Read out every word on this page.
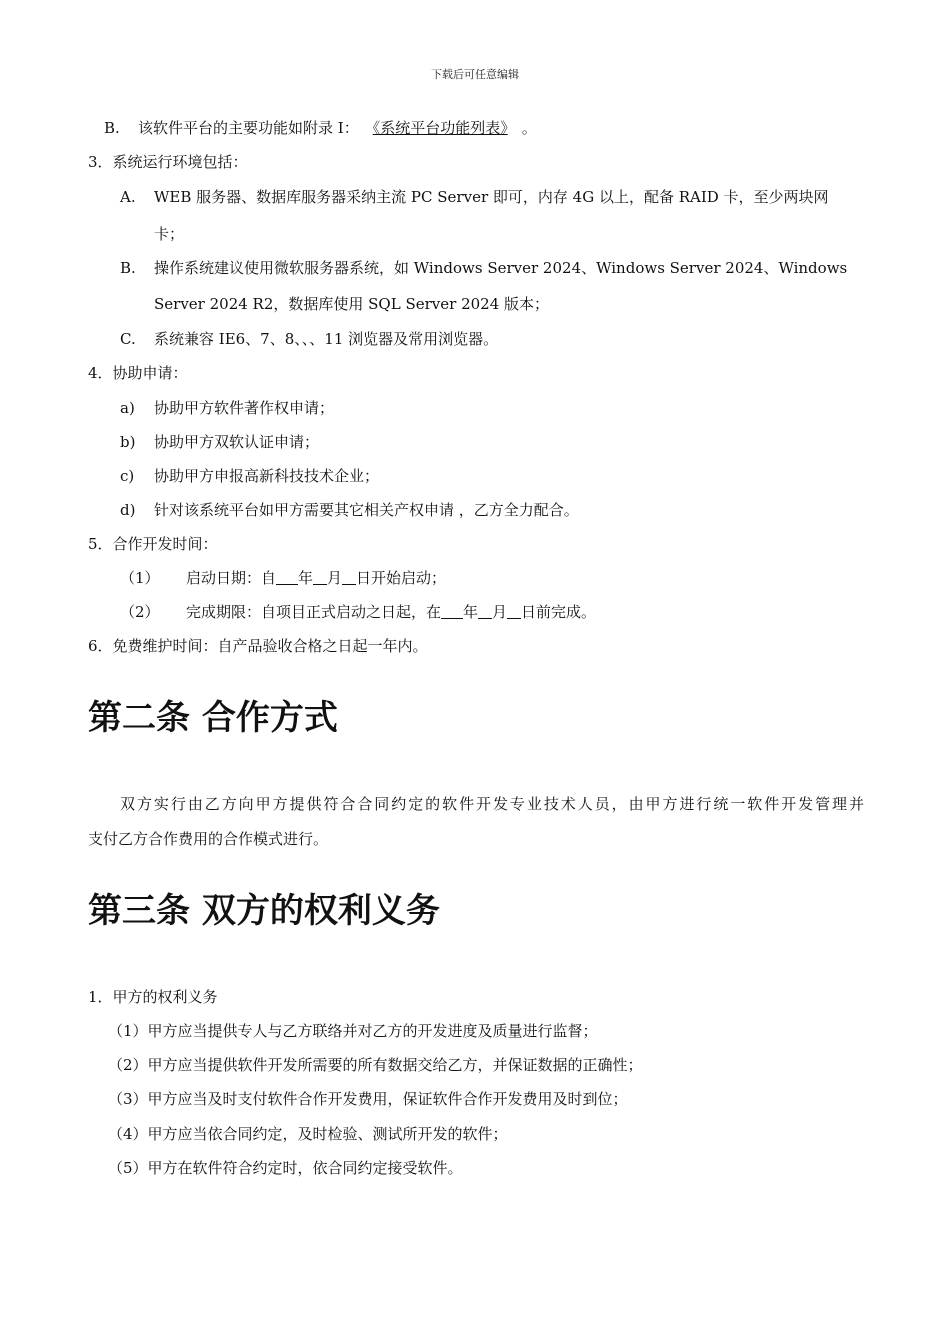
下载后可任意编辑
B. 该软件平台的主要功能如附录 I： 《系统平台功能列表》 。
3．系统运行环境包括：
A. WEB 服务器、数据库服务器采纳主流 PC Server 即可，内存 4G 以上，配备 RAID 卡，至少两块网
卡；
B. 操作系统建议使用微软服务器系统，如 Windows Server 2024、Windows Server 2024、Windows
Server 2024 R2，数据库使用 SQL Server 2024 版本；
C. 系统兼容 IE6、7、8、、、11 浏览器及常用浏览器。
4．协助申请：
a) 协助甲方软件著作权申请；
b) 协助甲方双软认证申请；
c) 协助甲方申报高新科技技术企业；
d) 针对该系统平台如甲方需要其它相关产权申请 ，乙方全力配合。
5．合作开发时间：
（1） 启动日期：自 年 月 日开始启动；
（2） 完成期限：自项目正式启动之日起，在 年 月 日前完成。
6．免费维护时间：自产品验收合格之日起一年内。
第二条 合作方式
双方实行由乙方向甲方提供符合合同约定的软件开发专业技术人员，由甲方进行统一软件开发管理并
支付乙方合作费用的合作模式进行。
第三条 双方的权利义务
1．甲方的权利义务
（1）甲方应当提供专人与乙方联络并对乙方的开发进度及质量进行监督；
（2）甲方应当提供软件开发所需要的所有数据交给乙方，并保证数据的正确性；
（3）甲方应当及时支付软件合作开发费用，保证软件合作开发费用及时到位；
（4）甲方应当依合同约定，及时检验、测试所开发的软件；
（5）甲方在软件符合约定时，依合同约定接受软件。
